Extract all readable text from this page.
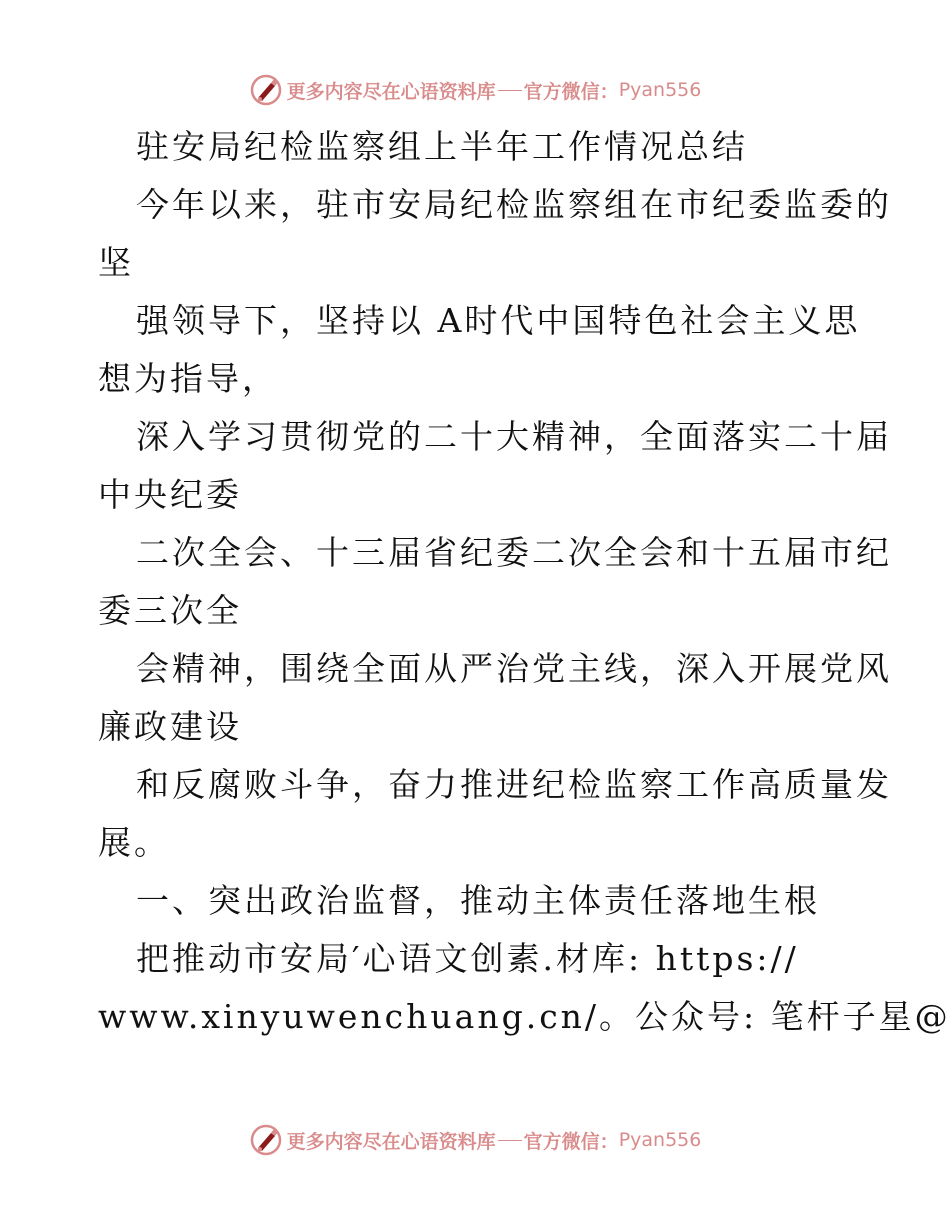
更多内容尽在心语资料库 官方微信： Pyan556
驻安局纪检监察组上半年工作情况总结
今年以来，驻市安局纪检监察组在市纪委监委的
坚
强领导下，坚持以 A时代中国特色社会主义思
想为指导，
深入学习贯彻党的二十大精神，全面落实二十届
中央纪委
二次全会、十三届省纪委二次全会和十五届市纪
委三次全
会精神，围绕全面从严治党主线，深入开展党风
廉政建设
和反腐败斗争，奋力推进纪检监察工作高质量发
展。
一、突出政治监督，推动主体责任落地生根
把推动市安局′心语文创素.材库: https://
www.xinyuwenchuang.cn/。公众号: 笔杆子星@
更多内容尽在心语资料库 官方微信： Pyan556
